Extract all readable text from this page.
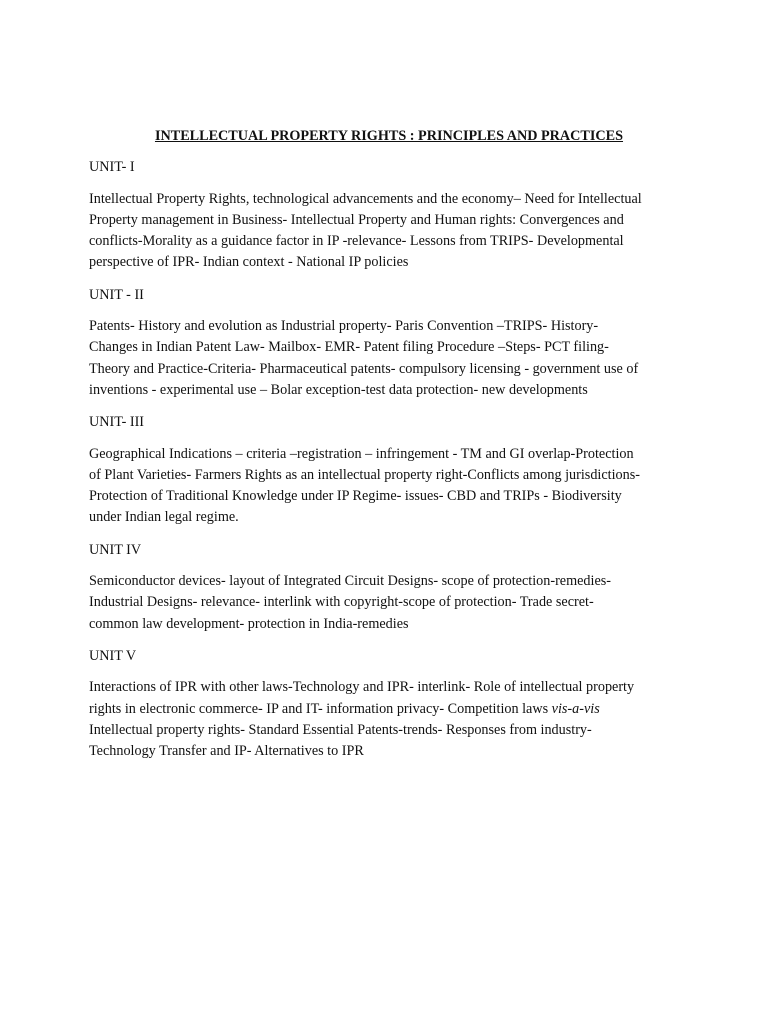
INTELLECTUAL PROPERTY RIGHTS : PRINCIPLES AND PRACTICES
UNIT- I
Intellectual Property Rights, technological advancements and the economy– Need for Intellectual
Property management in Business- Intellectual Property and Human rights: Convergences and
conflicts-Morality as a guidance factor in IP -relevance- Lessons from TRIPS- Developmental
perspective of IPR- Indian context - National IP policies
UNIT - II
Patents- History and evolution as Industrial property- Paris Convention –TRIPS- History-
Changes in Indian Patent Law- Mailbox- EMR- Patent filing Procedure –Steps- PCT filing-
Theory and Practice-Criteria- Pharmaceutical patents- compulsory licensing - government use of
inventions - experimental use – Bolar exception-test data protection- new developments
UNIT- III
Geographical Indications – criteria –registration – infringement - TM and GI overlap-Protection
of Plant Varieties- Farmers Rights as an intellectual property right-Conflicts among jurisdictions-
Protection of Traditional Knowledge under IP Regime- issues- CBD and TRIPs - Biodiversity
under Indian legal regime.
UNIT IV
Semiconductor devices- layout of Integrated Circuit Designs- scope of protection-remedies-
Industrial Designs- relevance- interlink with copyright-scope of protection- Trade secret-
common law development- protection in India-remedies
UNIT V
Interactions of IPR with other laws-Technology and IPR- interlink- Role of intellectual property
rights in electronic commerce- IP and IT- information privacy- Competition laws vis-a-vis
Intellectual property rights- Standard Essential Patents-trends- Responses from industry-
Technology Transfer and IP- Alternatives to IPR
